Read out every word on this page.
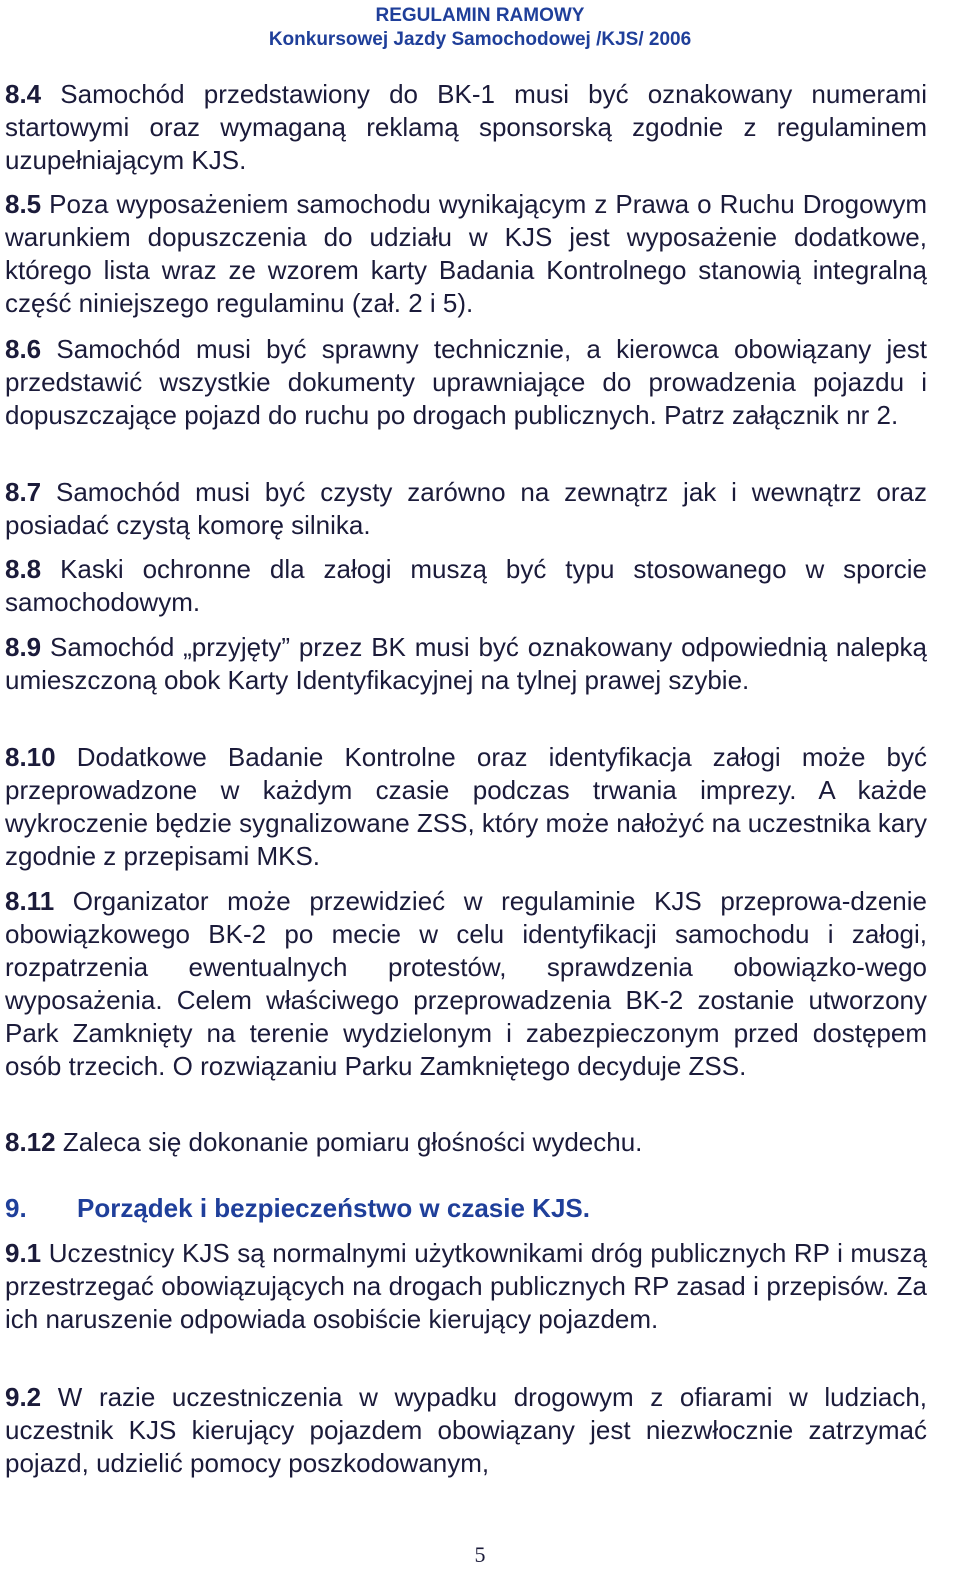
REGULAMIN RAMOWY
Konkursowej Jazdy Samochodowej /KJS/ 2006
8.4 Samochód przedstawiony do BK-1 musi być oznakowany numerami startowymi oraz wymaganą reklamą sponsorską zgodnie z regulaminem uzupełniającym KJS.
8.5 Poza wyposażeniem samochodu wynikającym z Prawa o Ruchu Drogowym warunkiem dopuszczenia do udziału w KJS jest wyposażenie dodatkowe, którego lista wraz ze wzorem karty Badania Kontrolnego stanowią integralną część niniejszego regulaminu (zał. 2 i 5).
8.6 Samochód musi być sprawny technicznie, a kierowca obowiązany jest przedstawić wszystkie dokumenty uprawniające do prowadzenia pojazdu i dopuszczające pojazd do ruchu po drogach publicznych. Patrz załącznik nr 2.
8.7 Samochód musi być czysty zarówno na zewnątrz jak i wewnątrz oraz posiadać czystą komorę silnika.
8.8 Kaski ochronne dla załogi muszą być typu stosowanego w sporcie samochodowym.
8.9 Samochód „przyjęty” przez BK musi być oznakowany odpowiednią nalepką umieszczoną obok Karty Identyfikacyjnej na tylnej prawej szybie.
8.10 Dodatkowe Badanie Kontrolne oraz identyfikacja załogi może być przeprowadzone w każdym czasie podczas trwania imprezy. A każde wykroczenie będzie sygnalizowane ZSS, który może nałożyć na uczestnika kary zgodnie z przepisami MKS.
8.11 Organizator może przewidzieć w regulaminie KJS przeprowa-dzenie obowiązkowego BK-2 po mecie w celu identyfikacji samochodu i załogi, rozpatrzenia ewentualnych protestów, sprawdzenia obowiązko-wego wyposażenia. Celem właściwego przeprowadzenia BK-2 zostanie utworzony Park Zamknięty na terenie wydzielonym i zabezpieczonym przed dostępem osób trzecich. O rozwiązaniu Parku Zamkniętego decyduje ZSS.
8.12 Zaleca się dokonanie pomiaru głośności wydechu.
9. Porządek i bezpieczeństwo w czasie KJS.
9.1 Uczestnicy KJS są normalnymi użytkownikami dróg publicznych RP i muszą przestrzegać obowiązujących na drogach publicznych RP zasad i przepisów. Za ich naruszenie odpowiada osobiście kierujący pojazdem.
9.2 W razie uczestniczenia w wypadku drogowym z ofiarami w ludziach, uczestnik KJS kierujący pojazdem obowiązany jest niezwłocznie zatrzymać pojazd, udzielić pomocy poszkodowanym,
5
